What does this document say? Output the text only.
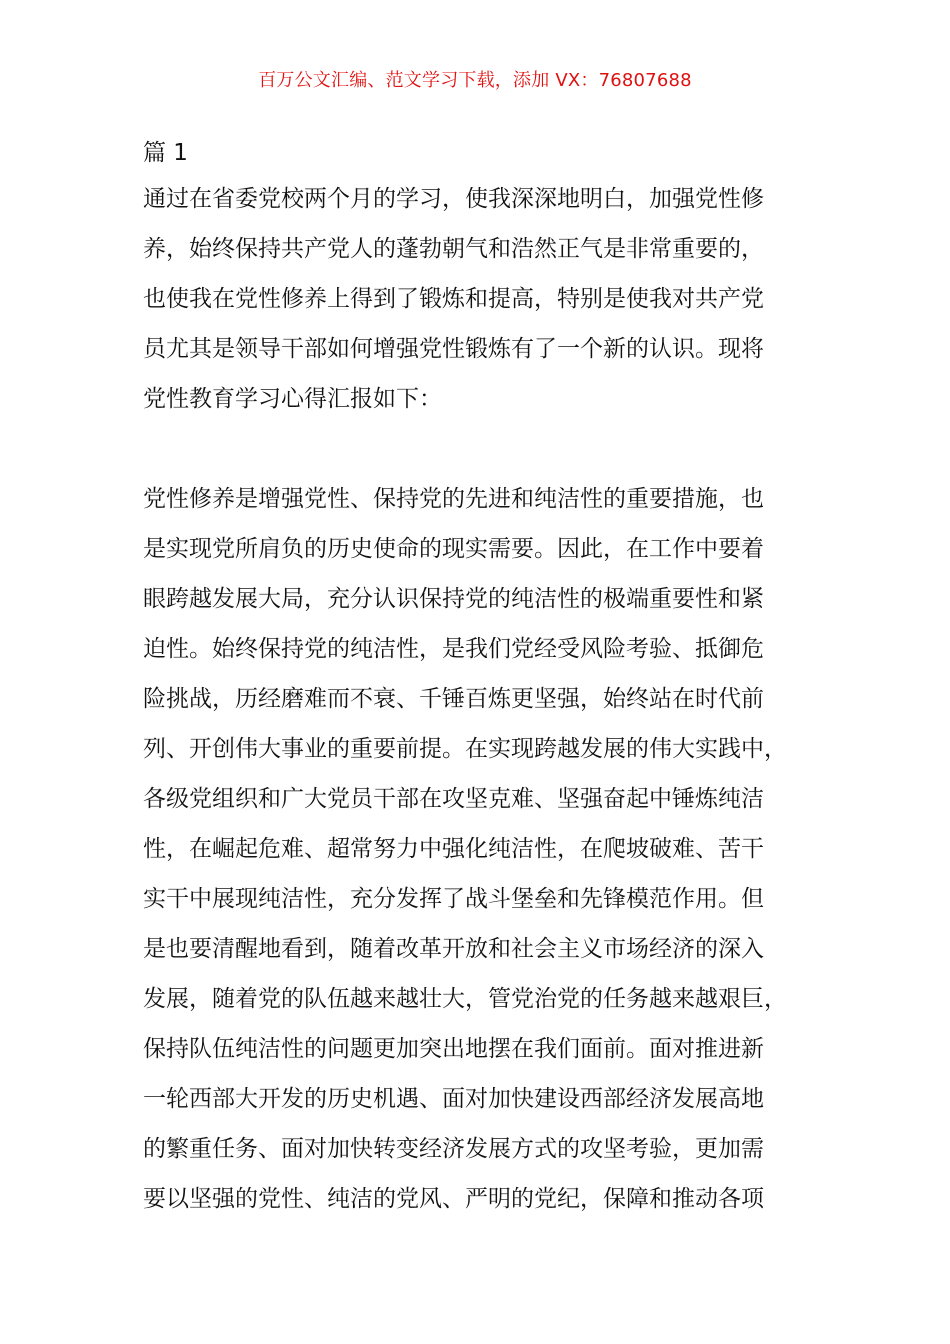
百万公文汇编、范文学习下载，添加 VX：76807688
篇 1
通过在省委党校两个月的学习，使我深深地明白，加强党性修
养，始终保持共产党人的蓬勃朝气和浩然正气是非常重要的，
也使我在党性修养上得到了锻炼和提高，特别是使我对共产党
员尤其是领导干部如何增强党性锻炼有了一个新的认识。现将
党性教育学习心得汇报如下：
党性修养是增强党性、保持党的先进和纯洁性的重要措施，也
是实现党所肩负的历史使命的现实需要。因此，在工作中要着
眼跨越发展大局，充分认识保持党的纯洁性的极端重要性和紧
迫性。始终保持党的纯洁性，是我们党经受风险考验、抵御危
险挑战，历经磨难而不衰、千锤百炼更坚强，始终站在时代前
列、开创伟大事业的重要前提。在实现跨越发展的伟大实践中，
各级党组织和广大党员干部在攻坚克难、坚强奋起中锤炼纯洁
性，在崛起危难、超常努力中强化纯洁性，在爬坡破难、苦干
实干中展现纯洁性，充分发挥了战斗堡垒和先锋模范作用。但
是也要清醒地看到，随着改革开放和社会主义市场经济的深入
发展，随着党的队伍越来越壮大，管党治党的任务越来越艰巨，
保持队伍纯洁性的问题更加突出地摆在我们面前。面对推进新
一轮西部大开发的历史机遇、面对加快建设西部经济发展高地
的繁重任务、面对加快转变经济发展方式的攻坚考验，更加需
要以坚强的党性、纯洁的党风、严明的党纪，保障和推动各项
